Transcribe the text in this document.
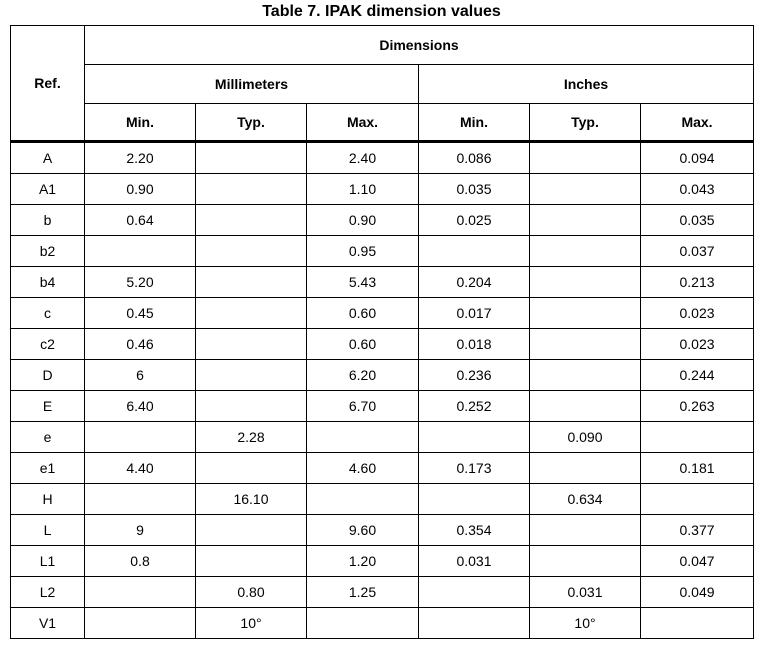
Table 7. IPAK dimension values
Ref.	Dimensions					
	Millimeters			Inches		
	Min.	Typ.	Max.	Min.	Typ.	Max.
A	2.20		2.40	0.086		0.094
A1	0.90		1.10	0.035		0.043
b	0.64		0.90	0.025		0.035
b2			0.95			0.037
b4	5.20		5.43	0.204		0.213
c	0.45		0.60	0.017		0.023
c2	0.46		0.60	0.018		0.023
D	6		6.20	0.236		0.244
E	6.40		6.70	0.252		0.263
e		2.28			0.090	
e1	4.40		4.60	0.173		0.181
H		16.10			0.634	
L	9		9.60	0.354		0.377
L1	0.8		1.20	0.031		0.047
L2		0.80	1.25		0.031	0.049
V1		10°			10°	
